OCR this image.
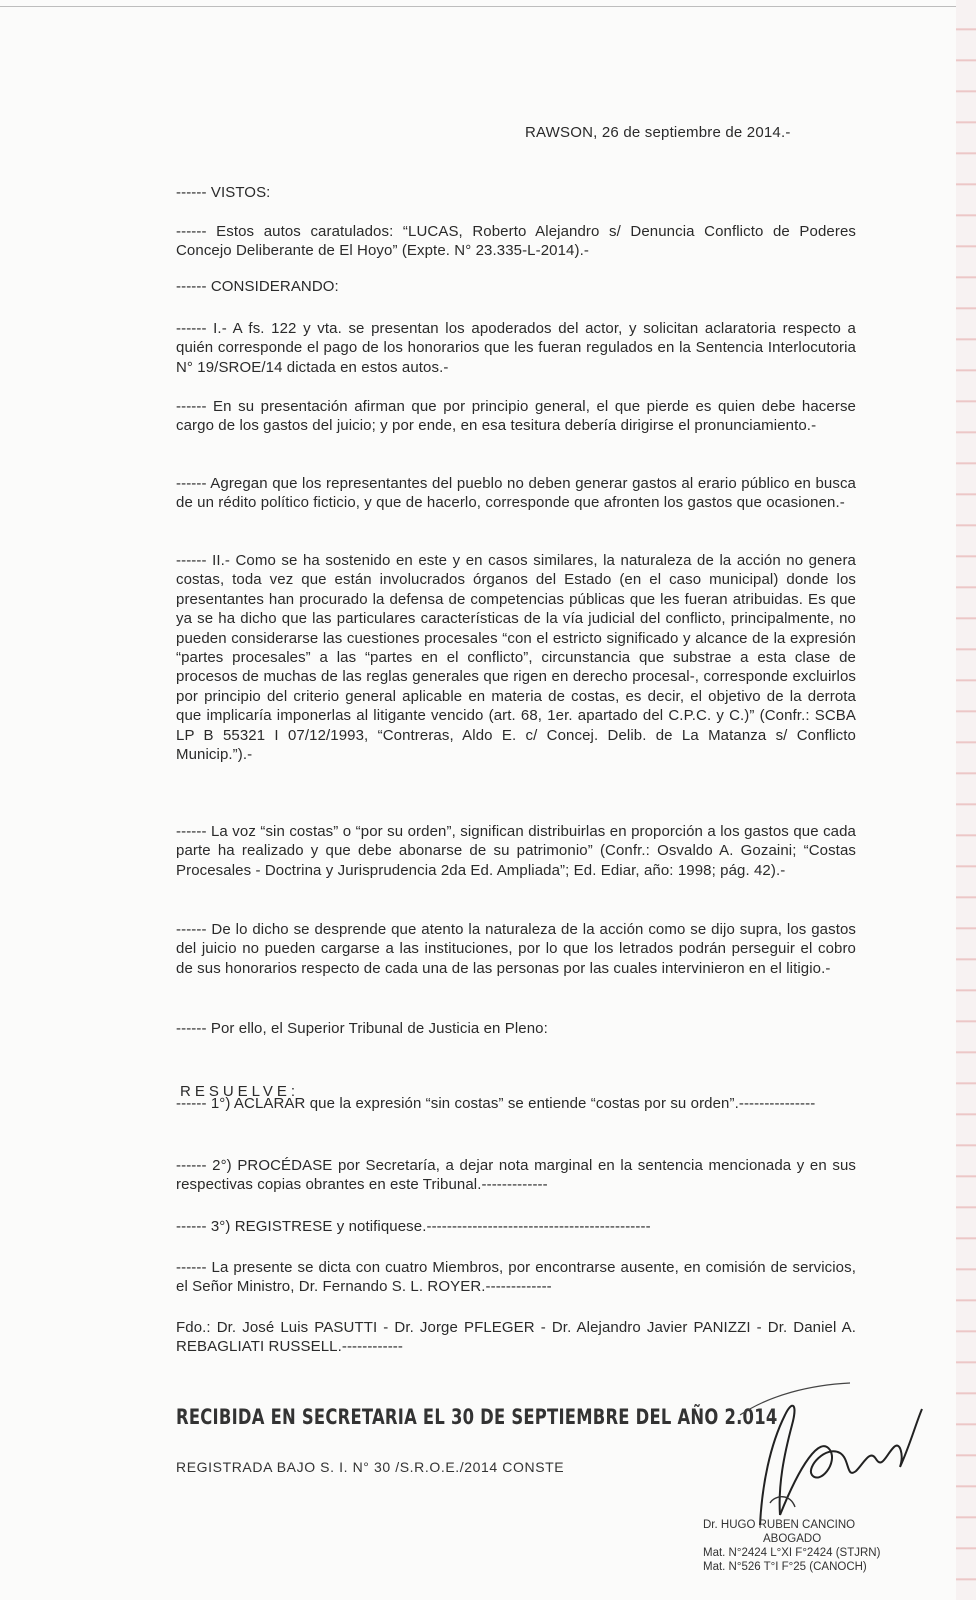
RAWSON, 26 de septiembre de 2014.-

------ VISTOS:

------ Estos autos caratulados: “LUCAS, Roberto Alejandro s/ Denuncia Conflicto de Poderes Concejo Deliberante de El Hoyo” (Expte. N° 23.335-L-2014).-

------ CONSIDERANDO:

------ I.- A fs. 122 y vta. se presentan los apoderados del actor, y solicitan aclaratoria respecto a quién corresponde el pago de los honorarios que les fueran regulados en la Sentencia Interlocutoria N° 19/SROE/14 dictada en estos autos.-

------ En su presentación afirman que por principio general, el que pierde es quien debe hacerse cargo de los gastos del juicio; y por ende, en esa tesitura debería dirigirse el pronunciamiento.-

------ Agregan que los representantes del pueblo no deben generar gastos al erario público en busca de un rédito político ficticio, y que de hacerlo, corresponde que afronten los gastos que ocasionen.-

------ II.- Como se ha sostenido en este y en casos similares, la naturaleza de la acción no genera costas, toda vez que están involucrados órganos del Estado (en el caso municipal) donde los presentantes han procurado la defensa de competencias públicas que les fueran atribuidas. Es que ya se ha dicho que las particulares características de la vía judicial del conflicto, principalmente, no pueden considerarse las cuestiones procesales “con el estricto significado y alcance de la expresión “partes procesales” a las “partes en el conflicto”, circunstancia que substrae a esta clase de procesos de muchas de las reglas generales que rigen en derecho procesal-, corresponde excluirlos por principio del criterio general aplicable en materia de costas, es decir, el objetivo de la derrota que implicaría imponerlas al litigante vencido (art. 68, 1er. apartado del C.P.C. y C.)” (Confr.: SCBA LP B 55321 I 07/12/1993, “Contreras, Aldo E. c/ Concej. Delib. de La Matanza s/ Conflicto Municip.”).-

------ La voz “sin costas” o “por su orden”, significan distribuirlas en proporción a los gastos que cada parte ha realizado y que debe abonarse de su patrimonio” (Confr.: Osvaldo A. Gozaini; “Costas Procesales - Doctrina y Jurisprudencia 2da Ed. Ampliada”; Ed. Ediar, año: 1998; pág. 42).-

------ De lo dicho se desprende que atento la naturaleza de la acción como se dijo supra, los gastos del juicio no pueden cargarse a las instituciones, por lo que los letrados podrán perseguir el cobro de sus honorarios respecto de cada una de las personas por las cuales intervinieron en el litigio.-

------ Por ello, el Superior Tribunal de Justicia en Pleno:

RESUELVE:

------ 1°) ACLARAR que la expresión “sin costas” se entiende “costas por su orden”.---------------

------ 2°) PROCÉDASE por Secretaría, a dejar nota marginal en la sentencia mencionada y en sus respectivas copias obrantes en este Tribunal.-------------

------ 3°) REGISTRESE y notifiquese.--------------------------------------------

------ La presente se dicta con cuatro Miembros, por encontrarse ausente, en comisión de servicios, el Señor Ministro, Dr. Fernando S. L. ROYER.-------------

Fdo.: Dr. José Luis PASUTTI - Dr. Jorge PFLEGER - Dr. Alejandro Javier PANIZZI - Dr. Daniel A. REBAGLIATI RUSSELL.------------

RECIBIDA EN SECRETARIA EL 30 DE SEPTIEMBRE DEL AÑO 2.014
REGISTRADA BAJO S. I. N° 30 /S.R.O.E./2014 CONSTE
Dr. HUGO RUBEN CANCINO
ABOGADO
Mat. N°2424 L°XI F°2424 (STJRN)
Mat. N°526 T°I F°25 (CANOCH)
